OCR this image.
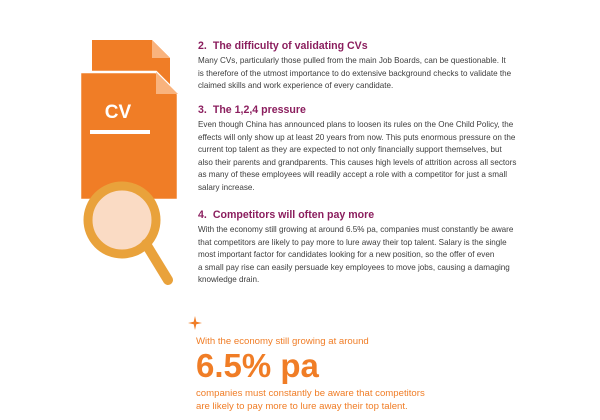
CV

2. The difficulty of validating CVs

Many CVs, particularly those pulled from the main Job Boards, can be questionable. It
is therefore of the utmost importance to do extensive background checks to validate the
claimed skills and work experience of every candidate.

3. The 1,2,4 pressure

Even though China has announced plans to loosen its rules on the One Child Policy, the
effects will only show up at least 20 years from now. This puts enormous pressure on the
current top talent as they are expected to not only financially support themselves, but
also their parents and grandparents. This causes high levels of attrition across all sectors
as many of these employees will readily accept a role with a competitor for just a small
salary increase.

4. Competitors will often pay more

With the economy still growing at around 6.5% pa, companies must constantly be aware
that competitors are likely to pay more to lure away their top talent. Salary is the single
most important factor for candidates looking for a new position, so the offer of even
a small pay rise can easily persuade key employees to move jobs, causing a damaging
knowledge drain.

With the economy still growing at around
6.5% pa
companies must constantly be aware that competitors
are likely to pay more to lure away their top talent.
